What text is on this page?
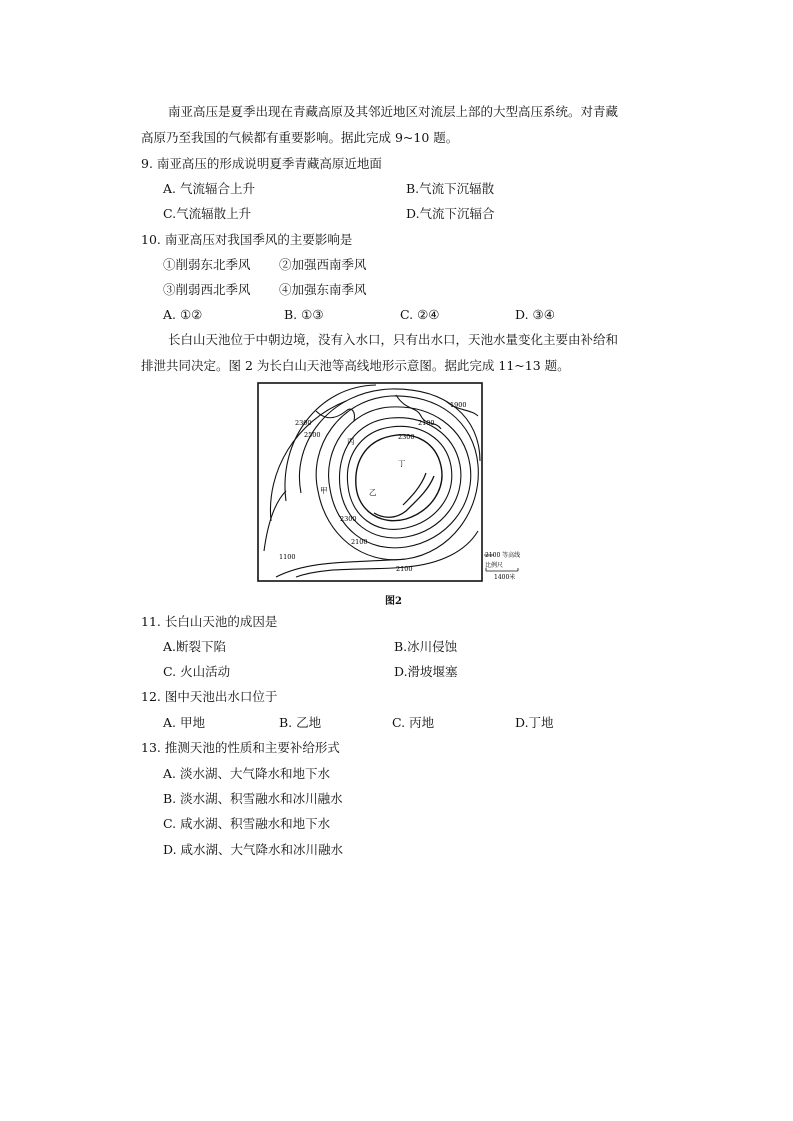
南亚高压是夏季出现在青藏高原及其邻近地区对流层上部的大型高压系统。对青藏
高原乃至我国的气候都有重要影响。据此完成 9~10 题。
9. 南亚高压的形成说明夏季青藏高原近地面
A. 气流辐合上升	B.气流下沉辐散
C.气流辐散上升	D.气流下沉辐合
10. 南亚高压对我国季风的主要影响是
①削弱东北季风 ②加强西南季风
③削弱西北季风 ④加强东南季风
A. ①②	B. ①③	C. ②④	D. ③④
长白山天池位于中朝边境，没有入水口，只有出水口，天池水量变化主要由补给和
排泄共同决定。图 2 为长白山天池等高线地形示意图。据此完成 11~13 题。
2300
2500
2100
2300
1900
丙
丁
甲	乙
2300
2100
1100
2100
2100 等高线
比例尺
1400米
图2
11. 长白山天池的成因是
A.断裂下陷	B.冰川侵蚀
C. 火山活动	D.滑坡堰塞
12. 图中天池出水口位于
A. 甲地	B. 乙地	C. 丙地	D.丁地
13. 推测天池的性质和主要补给形式
A. 淡水湖、大气降水和地下水
B. 淡水湖、积雪融水和冰川融水
C. 咸水湖、积雪融水和地下水
D. 咸水湖、大气降水和冰川融水
